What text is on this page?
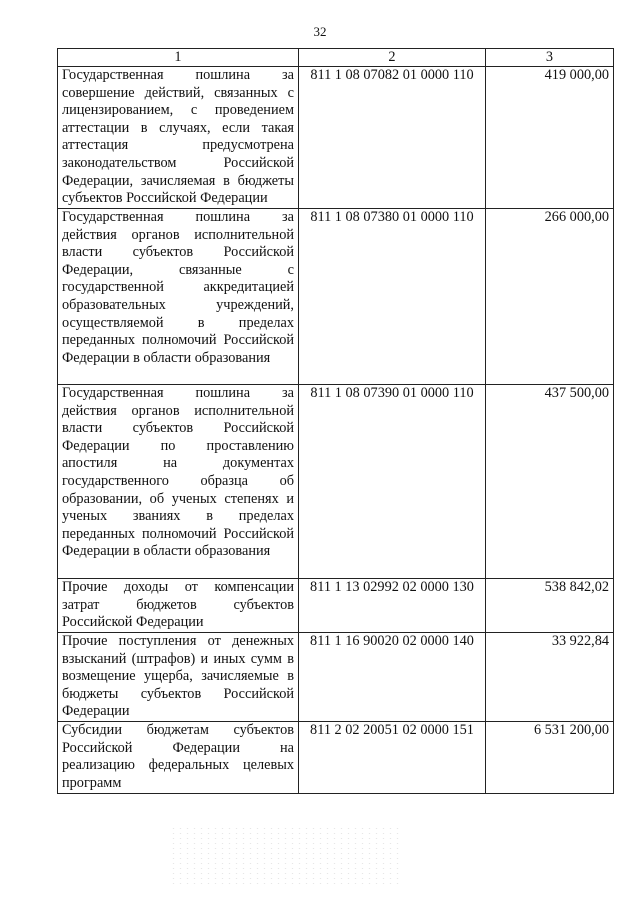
32
1	2	3
Государственная пошлина за совершение действий, связанных с лицензированием, с проведением аттестации в случаях, если такая аттестация предусмотрена законодательством Российской Федерации, зачисляемая в бюджеты субъектов Российской Федерации	811 1 08 07082 01 0000 110	419 000,00
Государственная пошлина за действия органов исполнительной власти субъектов Российской Федерации, связанные с государственной аккредитацией образовательных учреждений, осуществляемой в пределах переданных полномочий Российской Федерации в области образования	811 1 08 07380 01 0000 110	266 000,00
Государственная пошлина за действия органов исполнительной власти субъектов Российской Федерации по проставлению апостиля на документах государственного образца об образовании, об ученых степенях и ученых званиях в пределах переданных полномочий Российской Федерации в области образования	811 1 08 07390 01 0000 110	437 500,00
Прочие доходы от компенсации затрат бюджетов субъектов Российской Федерации	811 1 13 02992 02 0000 130	538 842,02
Прочие поступления от денежных взысканий (штрафов) и иных сумм в возмещение ущерба, зачисляемые в бюджеты субъектов Российской Федерации	811 1 16 90020 02 0000 140	33 922,84
Субсидии бюджетам субъектов Российской Федерации на реализацию федеральных целевых программ	811 2 02 20051 02 0000 151	6 531 200,00
